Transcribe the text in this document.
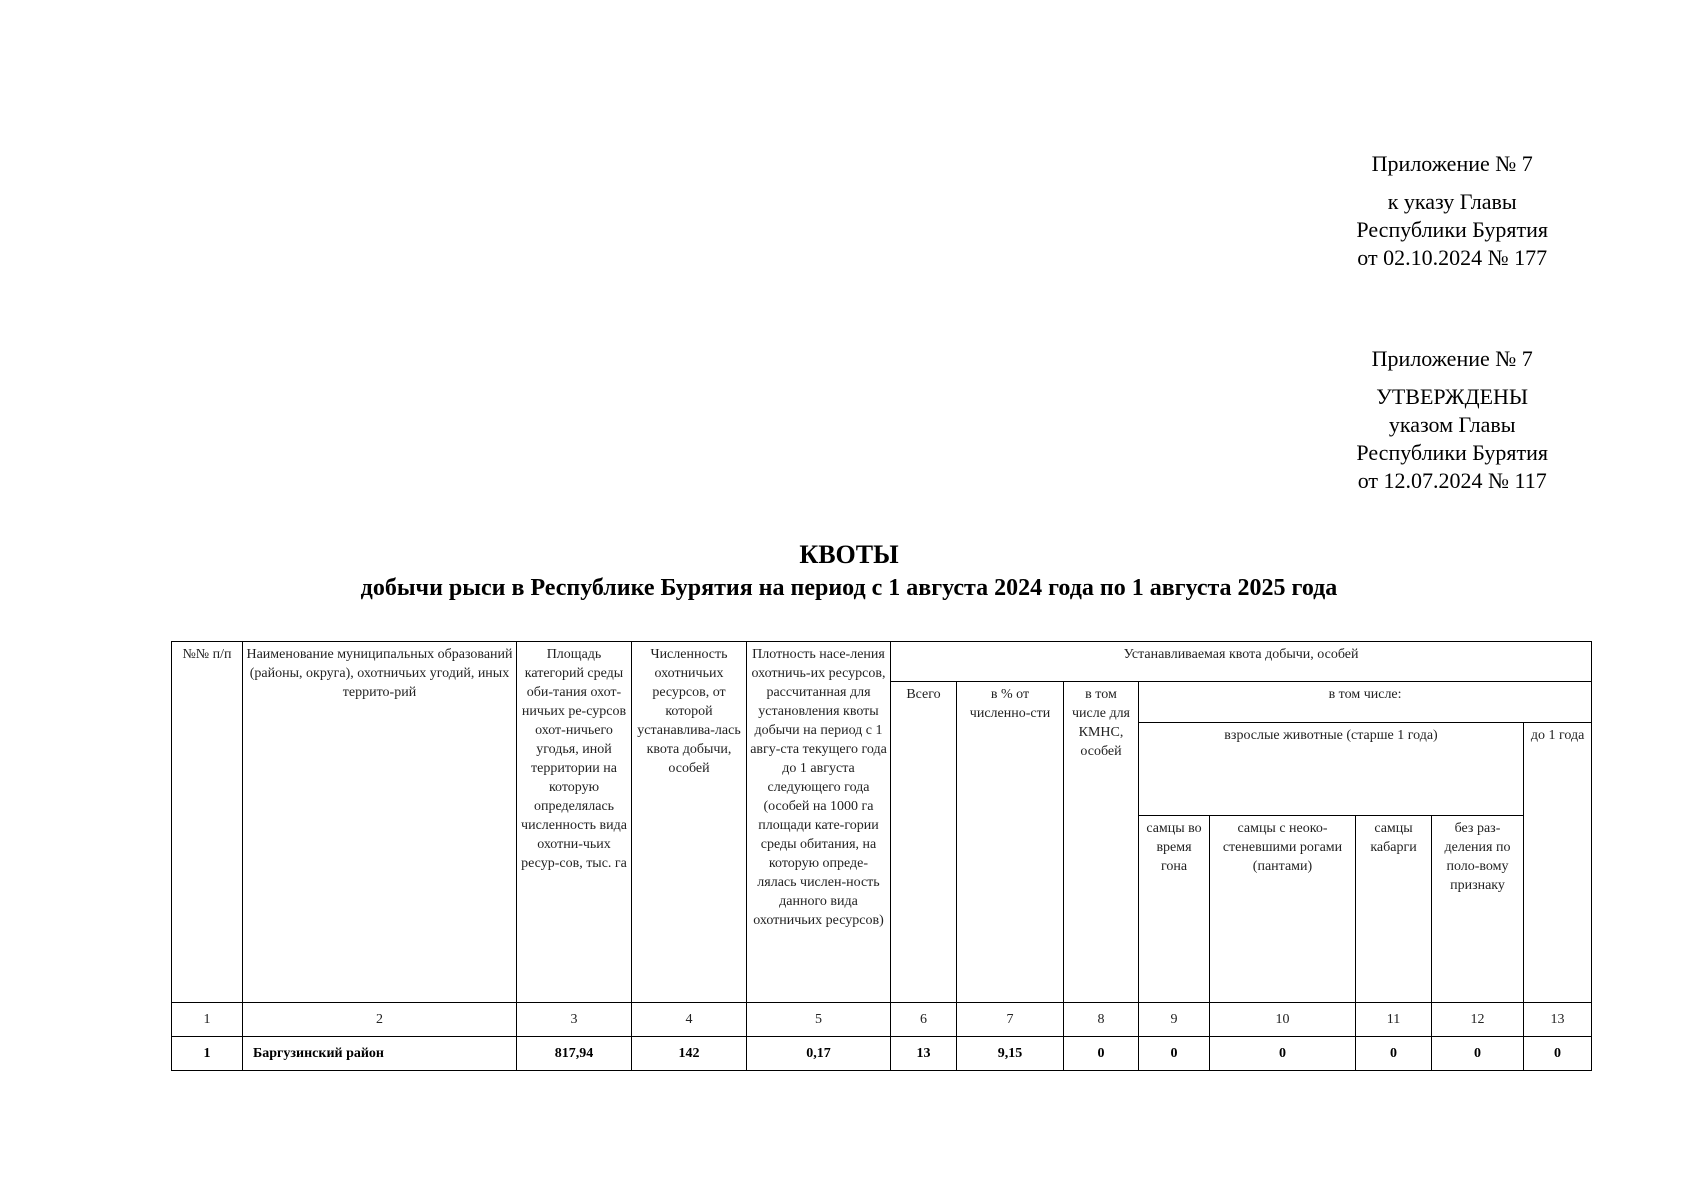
Приложение № 7
к указу Главы
Республики Бурятия
от 02.10.2024 № 177
Приложение № 7
УТВЕРЖДЕНЫ
указом Главы
Республики Бурятия
от 12.07.2024 № 117
КВОТЫ
добычи рыси в Республике Бурятия на период с 1 августа 2024 года по 1 августа 2025 года
№№ п/п	Наименование муниципальных образований (районы, округа), охотничьих угодий, иных террито-рий	Площадь категорий среды оби-тания охот-ничьих ре-сурсов охот-ничьего угодья, иной территории на которую определялась численность вида охотни-чьих ресур-сов, тыс. га	Численность охотничьих ресурсов, от которой устанавлива-лась квота добычи, особей	Плотность насе-ления охотничь-их ресурсов, рассчитанная для установления квоты добычи на период с 1 авгу-ста текущего года до 1 августа следующего года (особей на 1000 га площади кате-гории среды обитания, на которую опреде-лялась числен-ность данного вида охотничьих ресурсов)	Устанавливаемая квота добычи, особей							
					Всего	в % от численно-сти	в том числе для КМНС, особей	в том числе:				
								взрослые животные (старше 1 года)				до 1 года
								самцы во время гона	самцы с неоко-стеневшими рогами (пантами)	самцы кабарги	без раз-деления по поло-вому признаку	
1	2	3	4	5	6	7	8	9	10	11	12	13
1	Баргузинский район	817,94	142	0,17	13	9,15	0	0	0	0	0	0
